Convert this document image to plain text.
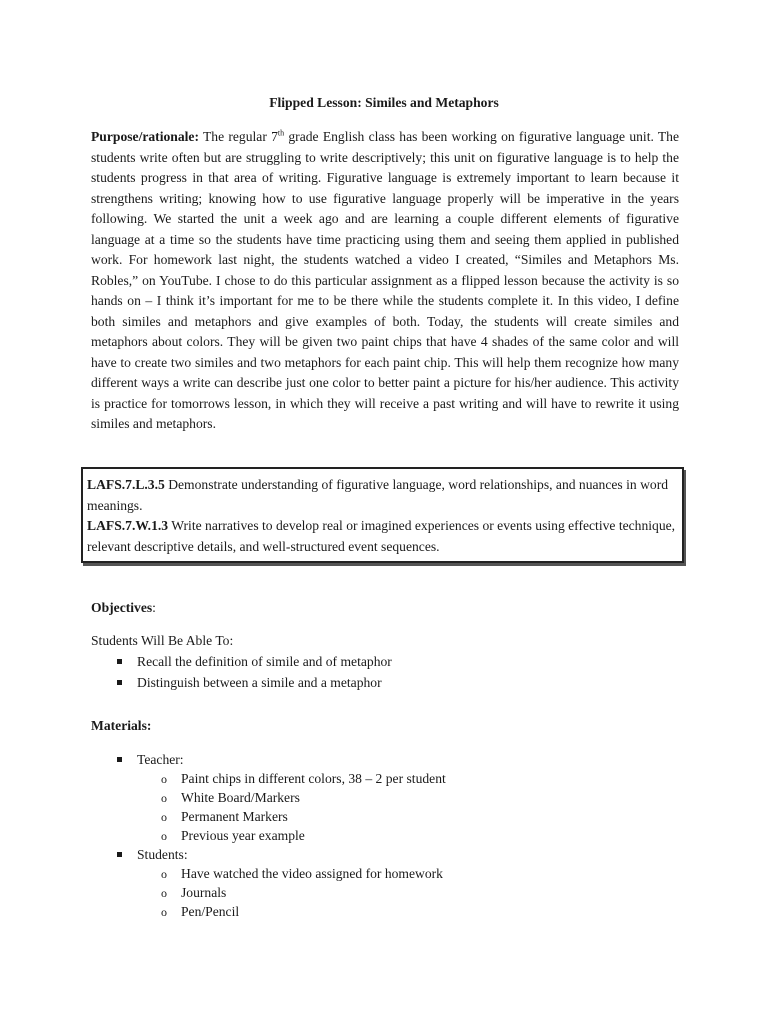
Flipped Lesson: Similes and Metaphors
Purpose/rationale: The regular 7th grade English class has been working on figurative language unit. The students write often but are struggling to write descriptively; this unit on figurative language is to help the students progress in that area of writing. Figurative language is extremely important to learn because it strengthens writing; knowing how to use figurative language properly will be imperative in the years following. We started the unit a week ago and are learning a couple different elements of figurative language at a time so the students have time practicing using them and seeing them applied in published work. For homework last night, the students watched a video I created, “Similes and Metaphors Ms. Robles,” on YouTube. I chose to do this particular assignment as a flipped lesson because the activity is so hands on – I think it’s important for me to be there while the students complete it. In this video, I define both similes and metaphors and give examples of both. Today, the students will create similes and metaphors about colors. They will be given two paint chips that have 4 shades of the same color and will have to create two similes and two metaphors for each paint chip. This will help them recognize how many different ways a write can describe just one color to better paint a picture for his/her audience. This activity is practice for tomorrows lesson, in which they will receive a past writing and will have to rewrite it using similes and metaphors.
LAFS.7.L.3.5 Demonstrate understanding of figurative language, word relationships, and nuances in word meanings.
LAFS.7.W.1.3 Write narratives to develop real or imagined experiences or events using effective technique, relevant descriptive details, and well-structured event sequences.
Objectives:
Students Will Be Able To:
Recall the definition of simile and of metaphor
Distinguish between a simile and a metaphor
Materials:
Teacher:
o Paint chips in different colors, 38 – 2 per student
o White Board/Markers
o Permanent Markers
o Previous year example
Students:
o Have watched the video assigned for homework
o Journals
o Pen/Pencil
